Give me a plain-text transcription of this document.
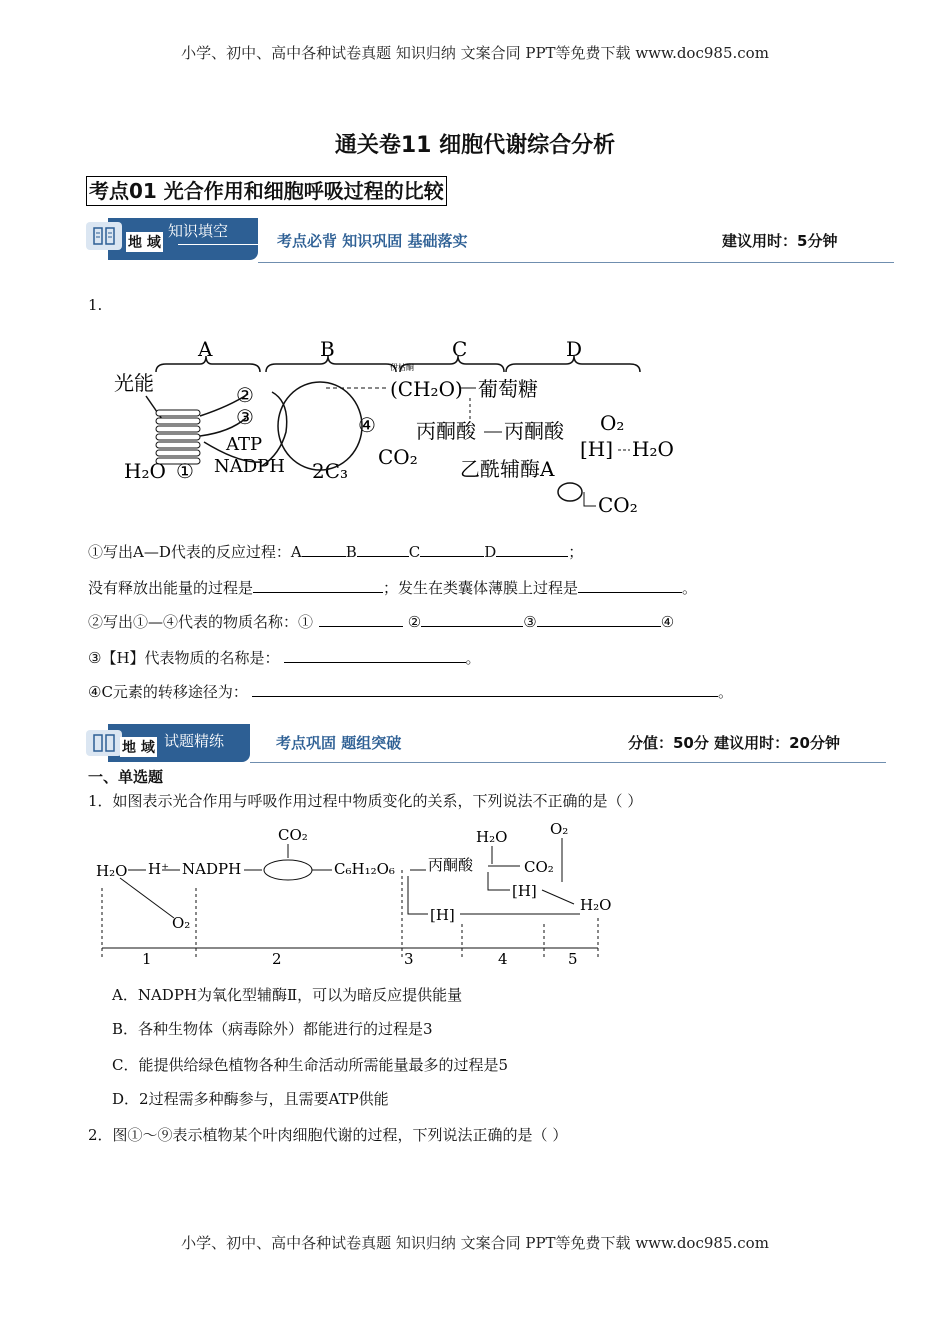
小学、初中、高中各种试卷真题 知识归纳 文案合同 PPT等免费下载 www.doc985.com
通关卷11 细胞代谢综合分析
考点01 光合作用和细胞呼吸过程的比较
知识填空
地 域	考点必背 知识巩固 基础落实	建议用时：5分钟
1.
A	B	C	D
光能
H₂O ①
②
③
ATP
NADPH 2C₃
④
CO₂
(CH₂O)
伊枯酮
葡萄糖
丙酮酸 丙酮酸
[H]
O₂
H₂O
乙酰辅酶A
CO₂
①写出A—D代表的反应过程：A	B	C	D	；
没有释放出能量的过程是	；发生在类囊体薄膜上过程是	。
②写出①—④代表的物质名称：①	②	③	④
③【H】代表物质的名称是：	。
④C元素的转移途径为：	。
试题精练
地 域	考点巩固 题组突破	分值：50分 建议用时：20分钟
一、单选题
1．如图表示光合作用与呼吸作用过程中物质变化的关系，下列说法不正确的是（ ）
H₂O H⁺ NADPH
CO₂
C₆H₁₂O₆ 丙酮酸
H₂O
CO₂
O₂
[H]
[H]
H₂O
O₂
1	2	3	4	5
A．NADPH为氧化型辅酶Ⅱ，可以为暗反应提供能量
B．各种生物体（病毒除外）都能进行的过程是3
C．能提供给绿色植物各种生命活动所需能量最多的过程是5
D．2过程需多种酶参与，且需要ATP供能
2．图①～⑨表示植物某个叶肉细胞代谢的过程，下列说法正确的是（ ）
小学、初中、高中各种试卷真题 知识归纳 文案合同 PPT等免费下载 www.doc985.com
